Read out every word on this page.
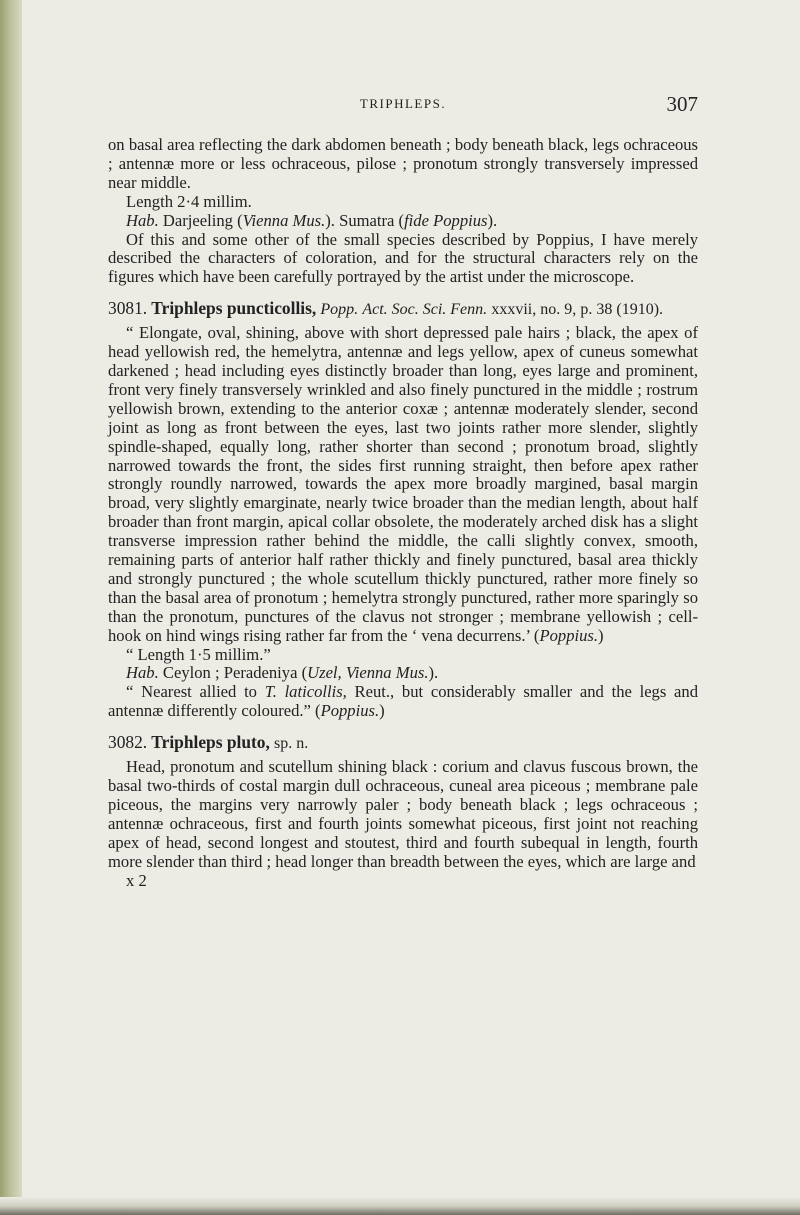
TRIPHLEPS.	307

on basal area reflecting the dark abdomen beneath ; body beneath black, legs ochraceous ; antennæ more or less ochraceous, pilose ; pronotum strongly transversely impressed near middle.

Length 2·4 millim.

Hab. Darjeeling (Vienna Mus.). Sumatra (fide Poppius).

Of this and some other of the small species described by Poppius, I have merely described the characters of coloration, and for the structural characters rely on the figures which have been carefully portrayed by the artist under the microscope.

3081. Triphleps puncticollis, Popp. Act. Soc. Sci. Fenn. xxxvii, no. 9, p. 38 (1910).

“ Elongate, oval, shining, above with short depressed pale hairs ; black, the apex of head yellowish red, the hemelytra, antennæ and legs yellow, apex of cuneus somewhat darkened ; head including eyes distinctly broader than long, eyes large and prominent, front very finely transversely wrinkled and also finely punctured in the middle ; rostrum yellowish brown, extending to the anterior coxæ ; antennæ moderately slender, second joint as long as front between the eyes, last two joints rather more slender, slightly spindle-shaped, equally long, rather shorter than second ; pronotum broad, slightly narrowed towards the front, the sides first running straight, then before apex rather strongly roundly narrowed, towards the apex more broadly margined, basal margin broad, very slightly emarginate, nearly twice broader than the median length, about half broader than front margin, apical collar obsolete, the moderately arched disk has a slight transverse impression rather behind the middle, the calli slightly convex, smooth, remaining parts of anterior half rather thickly and finely punctured, basal area thickly and strongly punctured ; the whole scutellum thickly punctured, rather more finely so than the basal area of pronotum ; hemelytra strongly punctured, rather more sparingly so than the pronotum, punctures of the clavus not stronger ; membrane yellowish ; cell-hook on hind wings rising rather far from the ‘ vena decurrens.’ (Poppius.)

“ Length 1·5 millim.”

Hab. Ceylon ; Peradeniya (Uzel, Vienna Mus.).

“ Nearest allied to T. laticollis, Reut., but considerably smaller and the legs and antennæ differently coloured.” (Poppius.)

3082. Triphleps pluto, sp. n.

Head, pronotum and scutellum shining black : corium and clavus fuscous brown, the basal two-thirds of costal margin dull ochraceous, cuneal area piceous ; membrane pale piceous, the margins very narrowly paler ; body beneath black ; legs ochraceous ; antennæ ochraceous, first and fourth joints somewhat piceous, first joint not reaching apex of head, second longest and stoutest, third and fourth subequal in length, fourth more slender than third ; head longer than breadth between the eyes, which are large and

x 2
